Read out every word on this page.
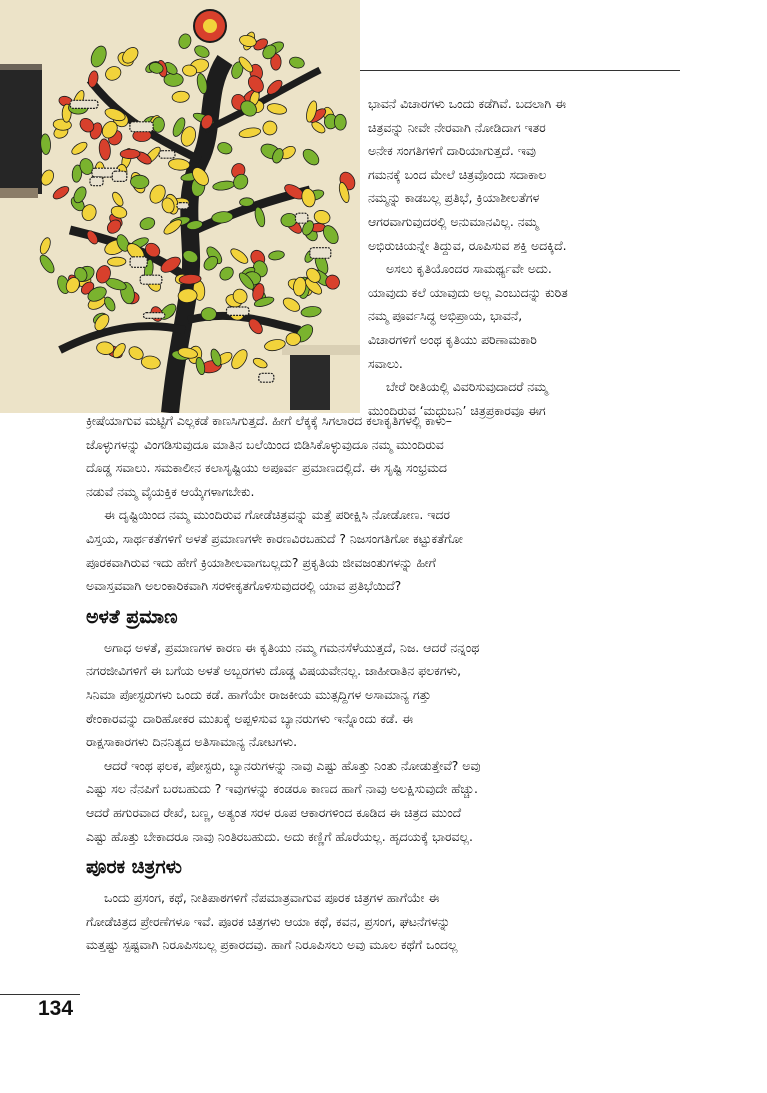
ಭಾವನೆ ವಿಚಾರಗಳು ಒಂದು ಕಡೆಗಿವೆ. ಬದಲಾಗಿ ಈ
ಚಿತ್ರವನ್ನು ನೀವೇ ನೇರವಾಗಿ ನೋಡಿದಾಗ ಇತರ
ಅನೇಕ ಸಂಗತಿಗಳಿಗೆ ದಾರಿಯಾಗುತ್ತದೆ. ಇವು
ಗಮನಕ್ಕೆ ಬಂದ ಮೇಲೆ ಚಿತ್ರವೊಂದು ಸದಾಕಾಲ
ನಮ್ಮನ್ನು ಕಾಡಬಲ್ಲ ಪ್ರತಿಭೆ, ಕ್ರಿಯಾಶೀಲತೆಗಳ
ಆಗರವಾಗುವುದರಲ್ಲಿ ಅನುಮಾನವಿಲ್ಲ. ನಮ್ಮ
ಅಭಿರುಚಿಯನ್ನೇ ತಿದ್ದುವ, ರೂಪಿಸುವ ಶಕ್ತಿ ಅದಕ್ಕಿದೆ.
ಅಸಲು ಕೃತಿಯೊಂದರ ಸಾಮರ್ಥ್ಯವೇ ಅದು.
ಯಾವುದು ಕಲೆ ಯಾವುದು ಅಲ್ಲ ಎಂಬುದನ್ನು ಕುರಿತ
ನಮ್ಮ ಪೂರ್ವಸಿದ್ಧ ಅಭಿಪ್ರಾಯ, ಭಾವನೆ,
ವಿಚಾರಗಳಿಗೆ ಅಂಥ ಕೃತಿಯು ಪರಿಣಾಮಕಾರಿ
ಸವಾಲು.
ಬೇರೆ ರೀತಿಯಲ್ಲಿ ವಿವರಿಸುವುದಾದರೆ ನಮ್ಮ
ಮುಂದಿರುವ ‘ಮಧುಬನಿ’ ಚಿತ್ರಪ್ರಕಾರವೂ ಈಗ
ಕ್ರೀಷೆಯಾಗುವ ಮಟ್ಟಿಗೆ ಎಲ್ಲಕಡೆ ಕಾಣಸಿಗುತ್ತದೆ. ಹೀಗೆ ಲೆಕ್ಕಕ್ಕೆ ಸಿಗಲಾರದ ಕಲಾಕೃತಿಗಳಲ್ಲಿ ಕಾಳು–
ಜೊಳ್ಳುಗಳನ್ನು ವಿಂಗಡಿಸುವುದೂ ಮಾತಿನ ಬಲೆಯಿಂದ ಬಿಡಿಸಿಕೊಳ್ಳುವುದೂ ನಮ್ಮ ಮುಂದಿರುವ
ದೊಡ್ಡ ಸವಾಲು. ಸಮಕಾಲೀನ ಕಲಾಸೃಷ್ಟಿಯು ಅಪೂರ್ವ ಪ್ರಮಾಣದಲ್ಲಿದೆ. ಈ ಸೃಷ್ಟಿ ಸಂಭ್ರಮದ
ನಡುವೆ ನಮ್ಮ ವೈಯಕ್ತಿಕ ಆಯ್ಕೆಗಳಾಗಬೇಕು.
ಈ ದೃಷ್ಟಿಯಿಂದ ನಮ್ಮ ಮುಂದಿರುವ ಗೋಡೆಚಿತ್ರವನ್ನು ಮತ್ತೆ ಪರೀಕ್ಷಿಸಿ ನೋಡೋಣ. ಇದರ
ವಿಸ್ತಯ, ಸಾರ್ಥಕತೆಗಳಿಗೆ ಅಳತೆ ಪ್ರಮಾಣಗಳೇ ಕಾರಣವಿರಬಹುದೆ ? ನಿಜಸಂಗತಿಗೋ ಕಟ್ಟುಕತೆಗೋ
ಪೂರಕವಾಗಿರುವ ಇದು ಹೇಗೆ ಕ್ರಿಯಾಶೀಲವಾಗಬಲ್ಲದು? ಪ್ರಕೃತಿಯ ಜೀವಜಂತುಗಳನ್ನು ಹೀಗೆ
ಅವಾಸ್ತವವಾಗಿ ಅಲಂಕಾರಿಕವಾಗಿ ಸರಳೀಕೃತಗೊಳಿಸುವುದರಲ್ಲಿ ಯಾವ ಪ್ರತಿಭೆಯಿದೆ?
ಅಳತೆ ಪ್ರಮಾಣ
ಅಗಾಧ ಅಳತೆ, ಪ್ರಮಾಣಗಳ ಕಾರಣ ಈ ಕೃತಿಯು ನಮ್ಮ ಗಮನಸೆಳೆಯುತ್ತದೆ, ನಿಜ. ಆದರೆ ನನ್ನಂಥ
ನಗರಜೀವಿಗಳಿಗೆ ಈ ಬಗೆಯ ಅಳತೆ ಅಬ್ಬರಗಳು ದೊಡ್ಡ ವಿಷಯವೇನಲ್ಲ. ಜಾಹೀರಾತಿನ ಫಲಕಗಳು,
ಸಿನಿಮಾ ಪೋಸ್ಟರುಗಳು ಒಂದು ಕಡೆ. ಹಾಗೆಯೇ ರಾಜಕೀಯ ಮುತ್ಸದ್ದಿಗಳ ಅಸಾಮಾನ್ಯ ಗತ್ತು
ಠೇಂಕಾರವನ್ನು ದಾರಿಹೋಕರ ಮುಖಕ್ಕೆ ಅಪ್ಪಳಿಸುವ ಬ್ಯಾನರುಗಳು ಇನ್ನೊಂದು ಕಡೆ. ಈ
ರಾಕ್ಷಸಾಕಾರಗಳು ದಿನನಿತ್ಯದ ಅತಿಸಾಮಾನ್ಯ ನೋಟಗಳು.
ಆದರೆ ಇಂಥ ಫಲಕ, ಪೋಸ್ಟರು, ಬ್ಯಾನರುಗಳನ್ನು ನಾವು ಎಷ್ಟು ಹೊತ್ತು ನಿಂತು ನೋಡುತ್ತೇವೆ? ಅವು
ಎಷ್ಟು ಸಲ ನೆನಪಿಗೆ ಬರಬಹುದು ? ಇವುಗಳನ್ನು ಕಂಡರೂ ಕಾಣದ ಹಾಗೆ ನಾವು ಅಲಕ್ಷಿಸುವುದೇ ಹೆಚ್ಚು.
ಆದರೆ ಹಗುರವಾದ ರೇಖೆ, ಬಣ್ಣ, ಅತ್ಯಂತ ಸರಳ ರೂಪ ಆಕಾರಗಳಿಂದ ಕೂಡಿದ ಈ ಚಿತ್ರದ ಮುಂದೆ
ಎಷ್ಟು ಹೊತ್ತು ಬೇಕಾದರೂ ನಾವು ನಿಂತಿರಬಹುದು. ಅದು ಕಣ್ಣಿಗೆ ಹೊರೆಯಲ್ಲ. ಹೃದಯಕ್ಕೆ ಭಾರವಲ್ಲ.
ಪೂರಕ ಚಿತ್ರಗಳು
ಒಂದು ಪ್ರಸಂಗ, ಕಥೆ, ನೀತಿಪಾಠಗಳಿಗೆ ನೆಪಮಾತ್ರವಾಗುವ ಪೂರಕ ಚಿತ್ರಗಳ ಹಾಗೆಯೇ ಈ
ಗೋಡೆಚಿತ್ರದ ಪ್ರೇರಣೆಗಳೂ ಇವೆ. ಪೂರಕ ಚಿತ್ರಗಳು ಆಯಾ ಕಥೆ, ಕವನ, ಪ್ರಸಂಗ, ಘಟನೆಗಳನ್ನು
ಮತ್ತಷ್ಟು ಸ್ಪಷ್ಟವಾಗಿ ನಿರೂಪಿಸಬಲ್ಲ ಪ್ರಕಾರದವು. ಹಾಗೆ ನಿರೂಪಿಸಲು ಅವು ಮೂಲ ಕಥೆಗೆ ಒಂದಲ್ಲ
134
